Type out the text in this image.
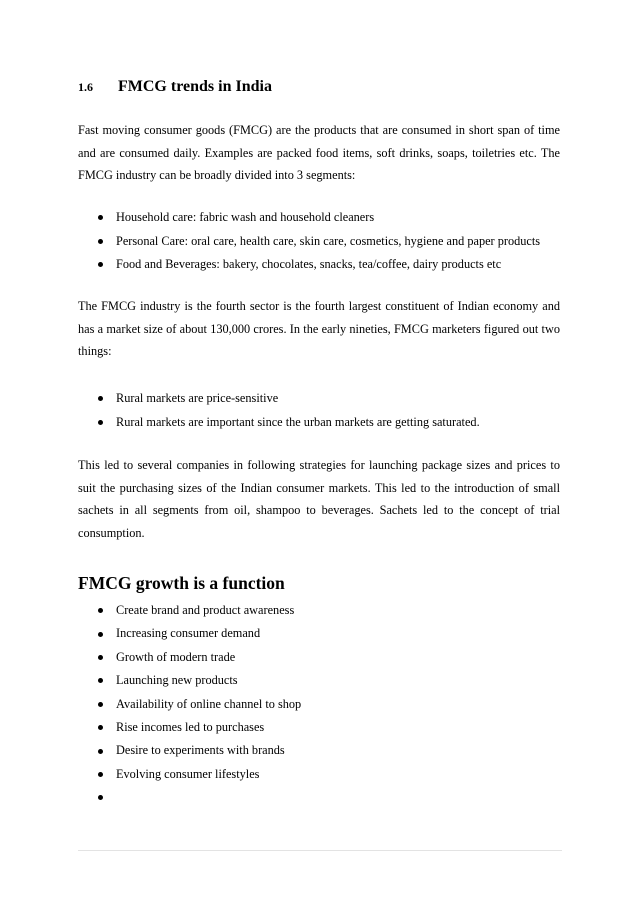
1.6 FMCG trends in India

Fast moving consumer goods (FMCG) are the products that are consumed in short span of time and are consumed daily. Examples are packed food items, soft drinks, soaps, toiletries etc. The FMCG industry can be broadly divided into 3 segments:

Household care: fabric wash and household cleaners
Personal Care: oral care, health care, skin care, cosmetics, hygiene and paper products
Food and Beverages: bakery, chocolates, snacks, tea/coffee, dairy products etc

The FMCG industry is the fourth sector is the fourth largest constituent of Indian economy and has a market size of about 130,000 crores. In the early nineties, FMCG marketers figured out two things:

Rural markets are price-sensitive
Rural markets are important since the urban markets are getting saturated.

This led to several companies in following strategies for launching package sizes and prices to suit the purchasing sizes of the Indian consumer markets. This led to the introduction of small sachets in all segments from oil, shampoo to beverages. Sachets led to the concept of trial consumption.

FMCG growth is a function
Create brand and product awareness
Increasing consumer demand
Growth of modern trade
Launching new products
Availability of online channel to shop
Rise incomes led to purchases
Desire to experiments with brands
Evolving consumer lifestyles
